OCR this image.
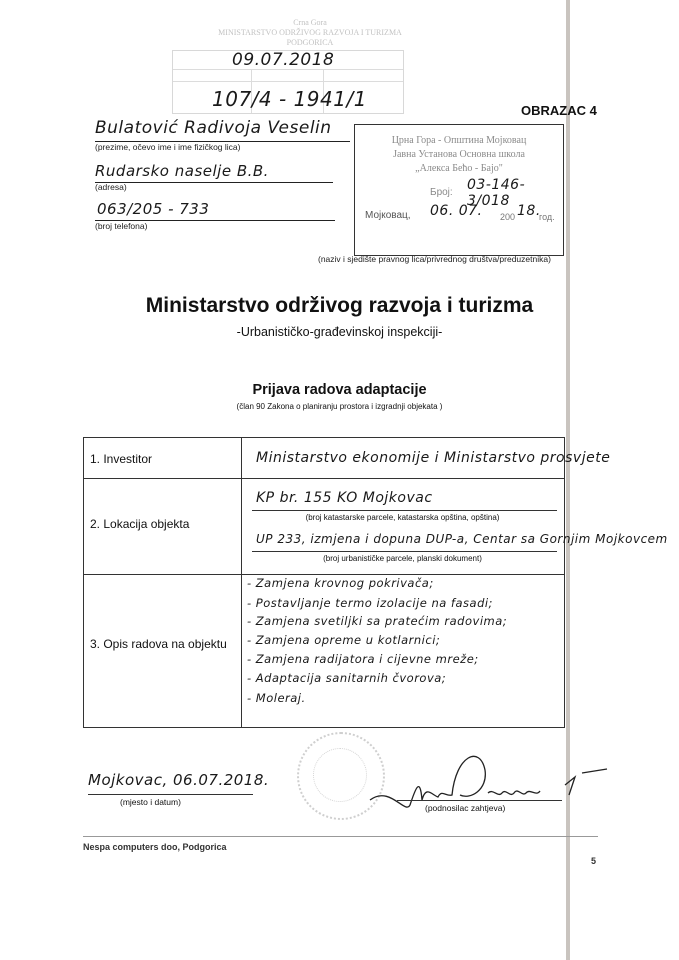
Crna Gora
MINISTARSTVO ODRŽIVOG RAZVOJA I TURIZMA
PODGORICA
09.07.2018
107/4 - 1941/1	OBRAZAC 4
Bulatović Radivoja Veselin
(prezime, očevo ime i ime fizičkog lica)
Rudarsko naselje B.B.
(adresa)
063/205 - 733
(broj telefona)
Црна Гора - Општина Мојковац
Јавна Установа Основна школа
„Алексa Бећо - Бајо"
Број: 03-146-3/018
Мојковац, 06. 07. 200 18.
год.
(naziv i sjedište pravnog lica/privrednog društva/preduzetnika)
Ministarstvo održivog razvoja i turizma
-Urbanističko-građevinskoj inspekciji-
Prijava radova adaptacije
(član 90 Zakona o planiranju prostora i izgradnji objekata )
1. Investitor	Ministarstvo ekonomije i Ministarstvo prosvjete
2. Lokacija objekta
KP br. 155 KO Mojkovac
(broj katastarske parcele, katastarska opština, opština)
UP 233, izmjena i dopuna DUP-a, Centar sa Gornjim Mojkovcem
(broj urbanističke parcele, planski dokument)
3. Opis radova na objektu
- Zamjena krovnog pokrivača;
- Postavljanje termo izolacije na fasadi;
- Zamjena svetiljki sa pratećim radovima;
- Zamjena opreme u kotlarnici;
- Zamjena radijatora i cijevne mreže;
- Adaptacija sanitarnih čvorova;
- Moleraj.
Mojkovac, 06.07.2018.
(mjesto i datum)
(podnosilac zahtjeva)
Nespa computers doo, Podgorica
5
